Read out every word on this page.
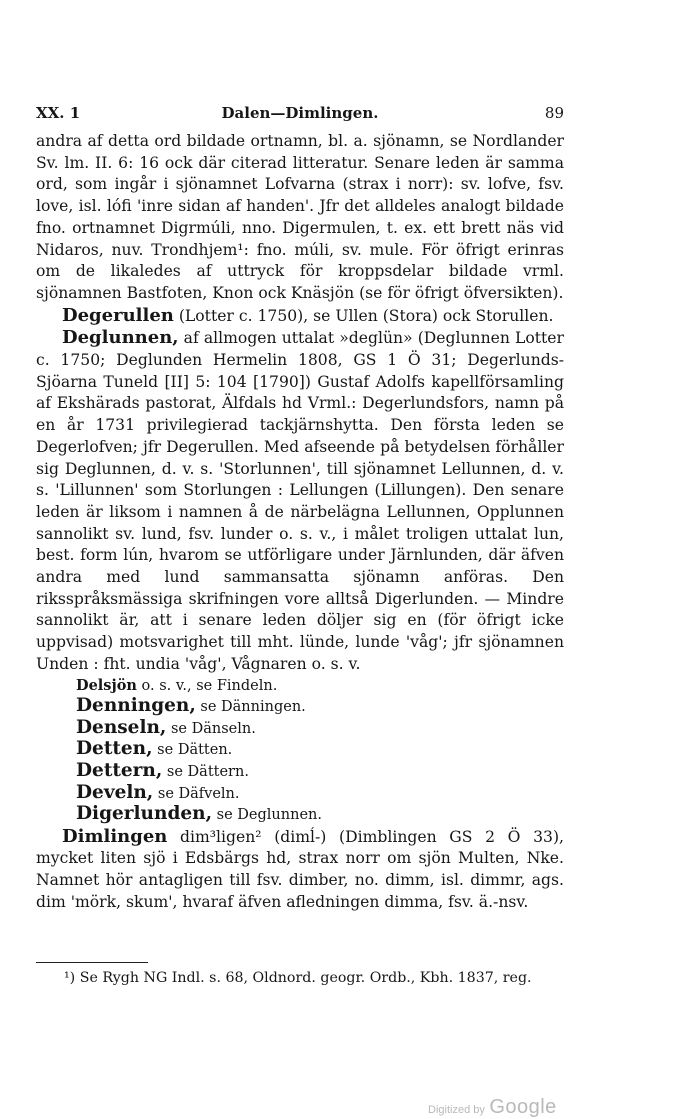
XX. 1	Dalen—Dimlingen.	89

andra af detta ord bildade ortnamn, bl. a. sjönamn, se Nordlander Sv. lm. II. 6: 16 ock där citerad litteratur. Senare leden är samma ord, som ingår i sjönamnet Lofvarna (strax i norr): sv. lofve, fsv. love, isl. lófi 'inre sidan af handen'. Jfr det alldeles analogt bildade fno. ortnamnet Digrmúli, nno. Digermulen, t. ex. ett brett näs vid Nidaros, nuv. Trondhjem¹: fno. múli, sv. mule. För öfrigt erinras om de likaledes af uttryck för kroppsdelar bildade vrml. sjönamnen Bastfoten, Knon ock Knäsjön (se för öfrigt öfversikten).

Degerullen (Lotter c. 1750), se Ullen (Stora) ock Storullen.

Deglunnen, af allmogen uttalat »deglün» (Deglunnen Lotter c. 1750; Deglunden Hermelin 1808, GS 1 Ö 31; Degerlunds-Sjöarna Tuneld [II] 5: 104 [1790]) Gustaf Adolfs kapellförsamling af Ekshärads pastorat, Älfdals hd Vrml.: Degerlundsfors, namn på en år 1731 privilegierad tackjärnshytta. Den första leden se Degerlofven; jfr Degerullen. Med afseende på betydelsen förhåller sig Deglunnen, d. v. s. 'Storlunnen', till sjönamnet Lellunnen, d. v. s. 'Lillunnen' som Storlungen : Lellungen (Lillungen). Den senare leden är liksom i namnen å de närbelägna Lellunnen, Opplunnen sannolikt sv. lund, fsv. lunder o. s. v., i målet troligen uttalat lun, best. form lún, hvarom se utförligare under Järnlunden, där äfven andra med lund sammansatta sjönamn anföras. Den riksspråksmässiga skrifningen vore alltså Digerlunden. — Mindre sannolikt är, att i senare leden döljer sig en (för öfrigt icke uppvisad) motsvarighet till mht. lünde, lunde 'våg'; jfr sjönamnen Unden : fht. undia 'våg', Vågnaren o. s. v.

Delsjön o. s. v., se Findeln.
Denningen, se Dänningen.
Denseln, se Dänseln.
Detten, se Dätten.
Dettern, se Dättern.
Develn, se Däfveln.
Digerlunden, se Deglunnen.

Dimlingen dim³ligen² (dimĺ-) (Dimblingen GS 2 Ö 33), mycket liten sjö i Edsbärgs hd, strax norr om sjön Multen, Nke. Namnet hör antagligen till fsv. dimber, no. dimm, isl. dimmr, ags. dim 'mörk, skum', hvaraf äfven afledningen dimma, fsv. ä.-nsv.

¹) Se Rygh NG Indl. s. 68, Oldnord. geogr. Ordb., Kbh. 1837, reg.
Digitized by Google
